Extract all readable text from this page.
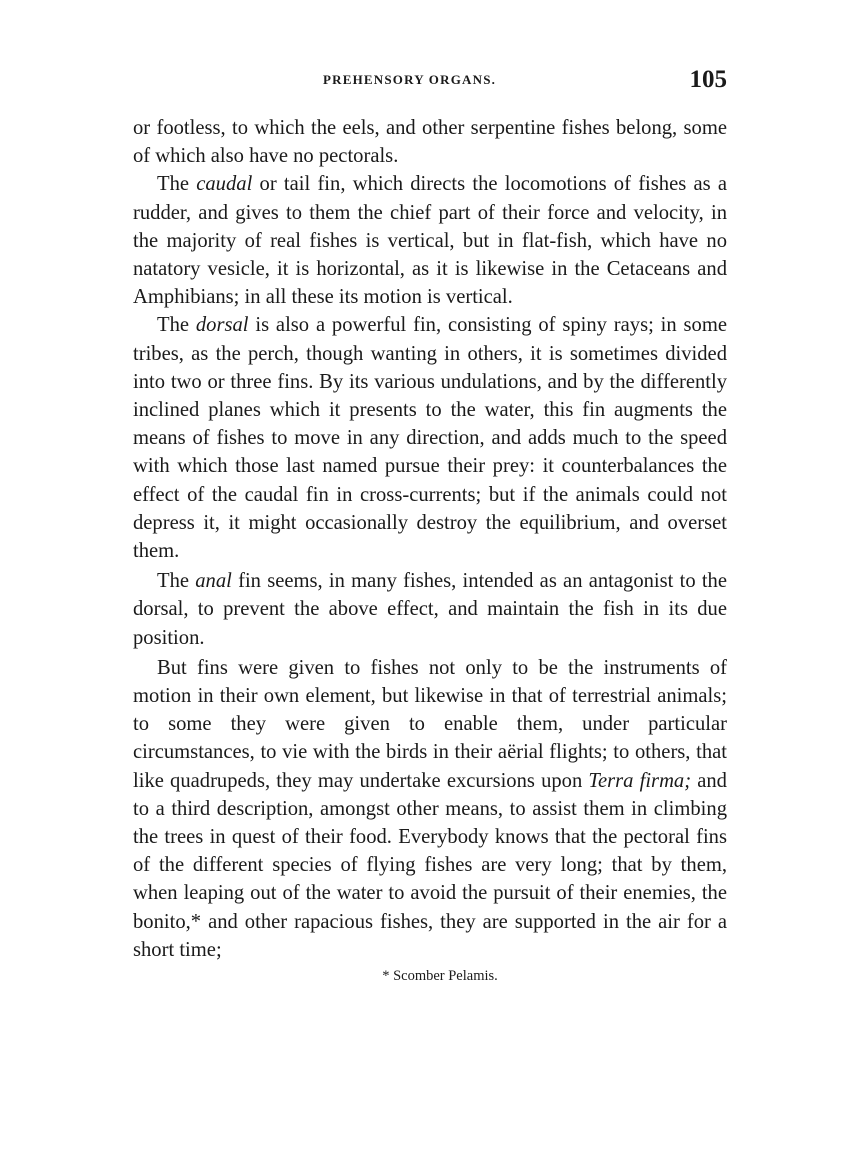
PREHENSORY ORGANS.	105

or footless, to which the eels, and other serpentine fishes belong, some of which also have no pectorals.

The caudal or tail fin, which directs the locomotions of fishes as a rudder, and gives to them the chief part of their force and velocity, in the majority of real fishes is vertical, but in flat-fish, which have no natatory vesicle, it is horizontal, as it is likewise in the Cetaceans and Amphibians; in all these its motion is vertical.

The dorsal is also a powerful fin, consisting of spiny rays; in some tribes, as the perch, though wanting in others, it is sometimes divided into two or three fins. By its various undulations, and by the differently inclined planes which it presents to the water, this fin augments the means of fishes to move in any direction, and adds much to the speed with which those last named pursue their prey: it counterbalances the effect of the caudal fin in cross-currents; but if the animals could not depress it, it might occasionally destroy the equilibrium, and overset them.

The anal fin seems, in many fishes, intended as an antagonist to the dorsal, to prevent the above effect, and maintain the fish in its due position.

But fins were given to fishes not only to be the instruments of motion in their own element, but likewise in that of terrestrial animals; to some they were given to enable them, under particular circumstances, to vie with the birds in their aërial flights; to others, that like quadrupeds, they may undertake excursions upon Terra firma; and to a third description, amongst other means, to assist them in climbing the trees in quest of their food. Everybody knows that the pectoral fins of the different species of flying fishes are very long; that by them, when leaping out of the water to avoid the pursuit of their enemies, the bonito,* and other rapacious fishes, they are supported in the air for a short time;

* Scomber Pelamis.
